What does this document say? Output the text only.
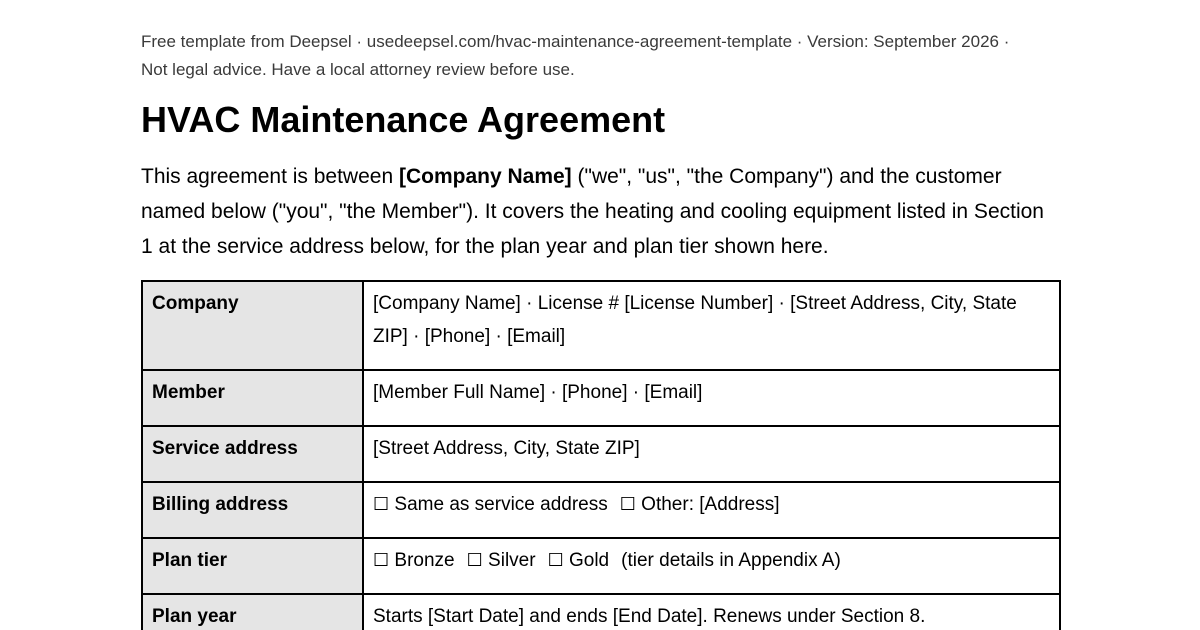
Free template from Deepsel · usedeepsel.com/hvac-maintenance-agreement-template · Version: September 2026 ·
Not legal advice. Have a local attorney review before use.
HVAC Maintenance Agreement

This agreement is between [Company Name] ("we", "us", "the Company") and the customer named below ("you", "the Member"). It covers the heating and cooling equipment listed in Section 1 at the service address below, for the plan year and plan tier shown here.

Company	[Company Name] · License # [License Number] · [Street Address, City, State ZIP] · [Phone] · [Email]
Member	[Member Full Name] · [Phone] · [Email]
Service address	[Street Address, City, State ZIP]
Billing address	☐ Same as service address ☐ Other: [Address]
Plan tier	☐ Bronze ☐ Silver ☐ Gold (tier details in Appendix A)
Plan year	Starts [Start Date] and ends [End Date]. Renews under Section 8.
